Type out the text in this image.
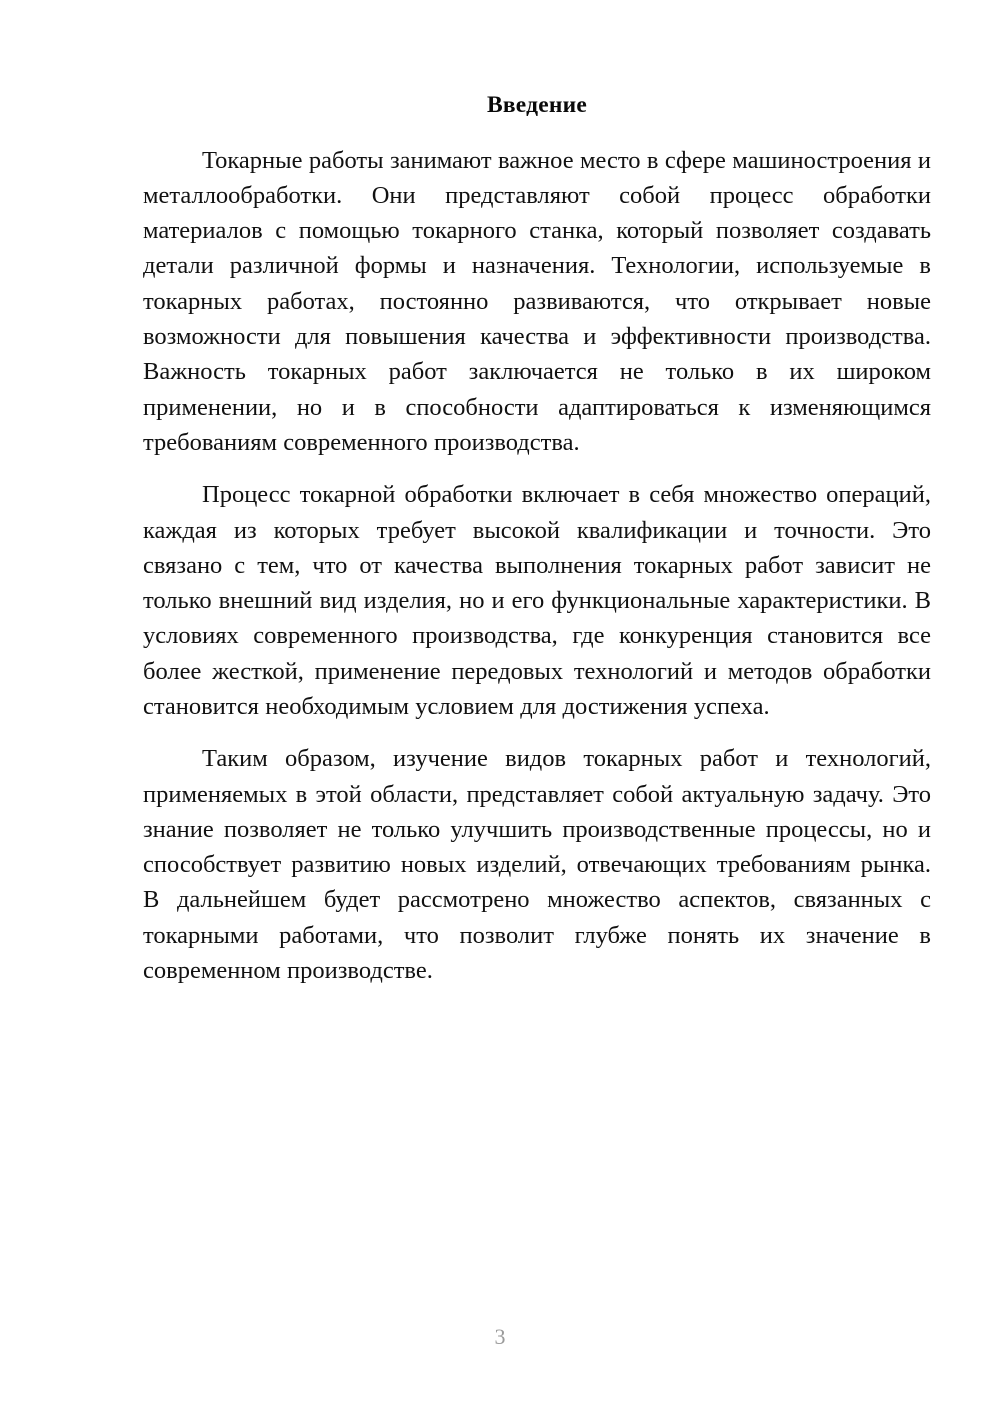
Введение

Токарные работы занимают важное место в сфере машиностроения и металлообработки. Они представляют собой процесс обработки материалов с помощью токарного станка, который позволяет создавать детали различной формы и назначения. Технологии, используемые в токарных работах, постоянно развиваются, что открывает новые возможности для повышения качества и эффективности производства. Важность токарных работ заключается не только в их широком применении, но и в способности адаптироваться к изменяющимся требованиям современного производства.

Процесс токарной обработки включает в себя множество операций, каждая из которых требует высокой квалификации и точности. Это связано с тем, что от качества выполнения токарных работ зависит не только внешний вид изделия, но и его функциональные характеристики. В условиях современного производства, где конкуренция становится все более жесткой, применение передовых технологий и методов обработки становится необходимым условием для достижения успеха.

Таким образом, изучение видов токарных работ и технологий, применяемых в этой области, представляет собой актуальную задачу. Это знание позволяет не только улучшить производственные процессы, но и способствует развитию новых изделий, отвечающих требованиям рынка. В дальнейшем будет рассмотрено множество аспектов, связанных с токарными работами, что позволит глубже понять их значение в современном производстве.

3
